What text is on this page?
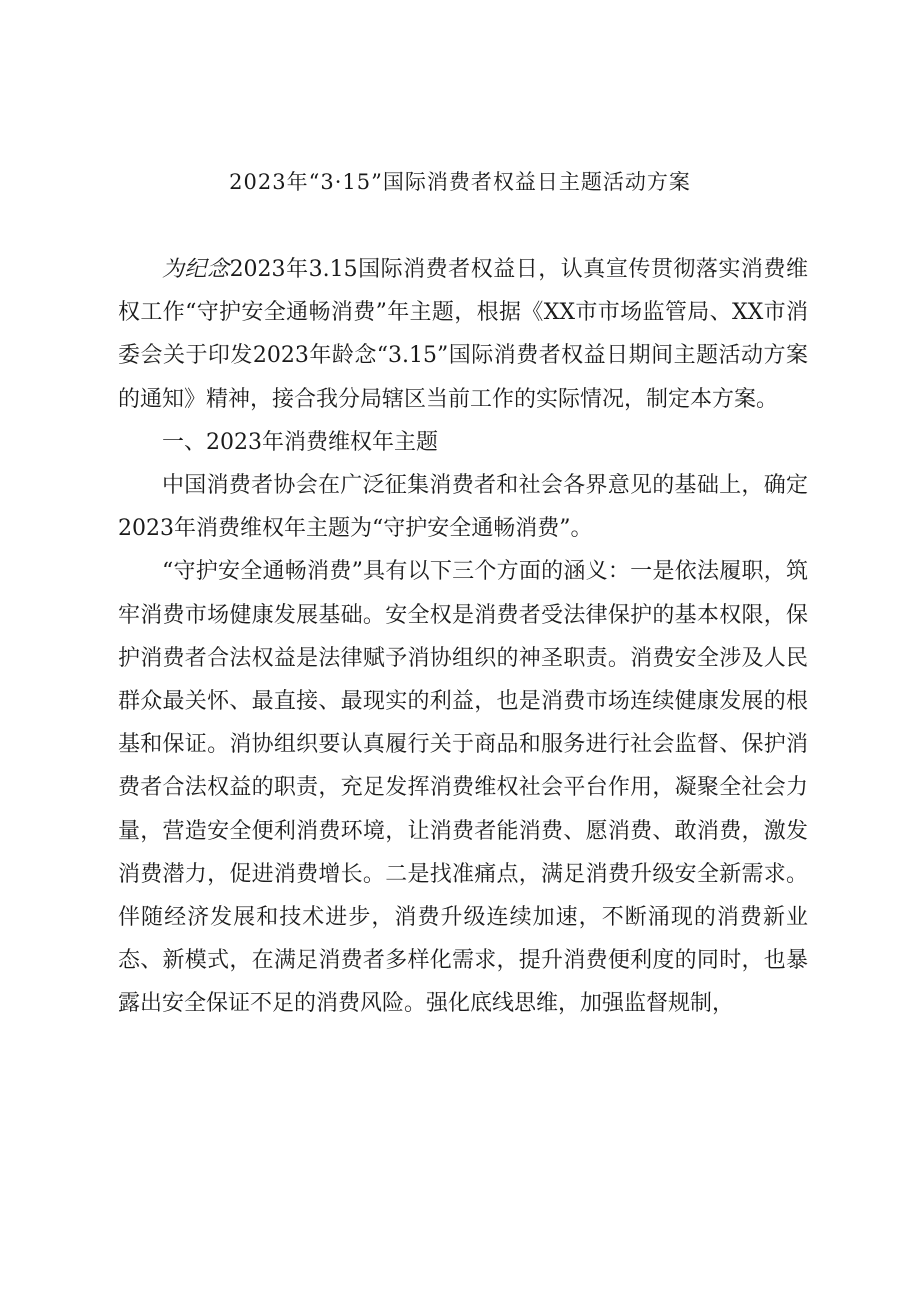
2023年“3·15”国际消费者权益日主题活动方案

为纪念2023年3.15国际消费者权益日，认真宣传贯彻落实消费维权工作“守护安全通畅消费”年主题，根据《XX市市场监管局、XX市消委会关于印发2023年龄念“3.15”国际消费者权益日期间主题活动方案的通知》精神，接合我分局辖区当前工作的实际情况，制定本方案。

一、2023年消费维权年主题

中国消费者协会在广泛征集消费者和社会各界意见的基础上，确定2023年消费维权年主题为“守护安全通畅消费”。

“守护安全通畅消费”具有以下三个方面的涵义：一是依法履职，筑牢消费市场健康发展基础。安全权是消费者受法律保护的基本权限，保护消费者合法权益是法律赋予消协组织的神圣职责。消费安全涉及人民群众最关怀、最直接、最现实的利益，也是消费市场连续健康发展的根基和保证。消协组织要认真履行关于商品和服务进行社会监督、保护消费者合法权益的职责，充足发挥消费维权社会平台作用，凝聚全社会力量，营造安全便利消费环境，让消费者能消费、愿消费、敢消费，激发消费潜力，促进消费增长。二是找准痛点，满足消费升级安全新需求。伴随经济发展和技术进步，消费升级连续加速，不断涌现的消费新业态、新模式，在满足消费者多样化需求，提升消费便利度的同时，也暴露出安全保证不足的消费风险。强化底线思维，加强监督规制，
